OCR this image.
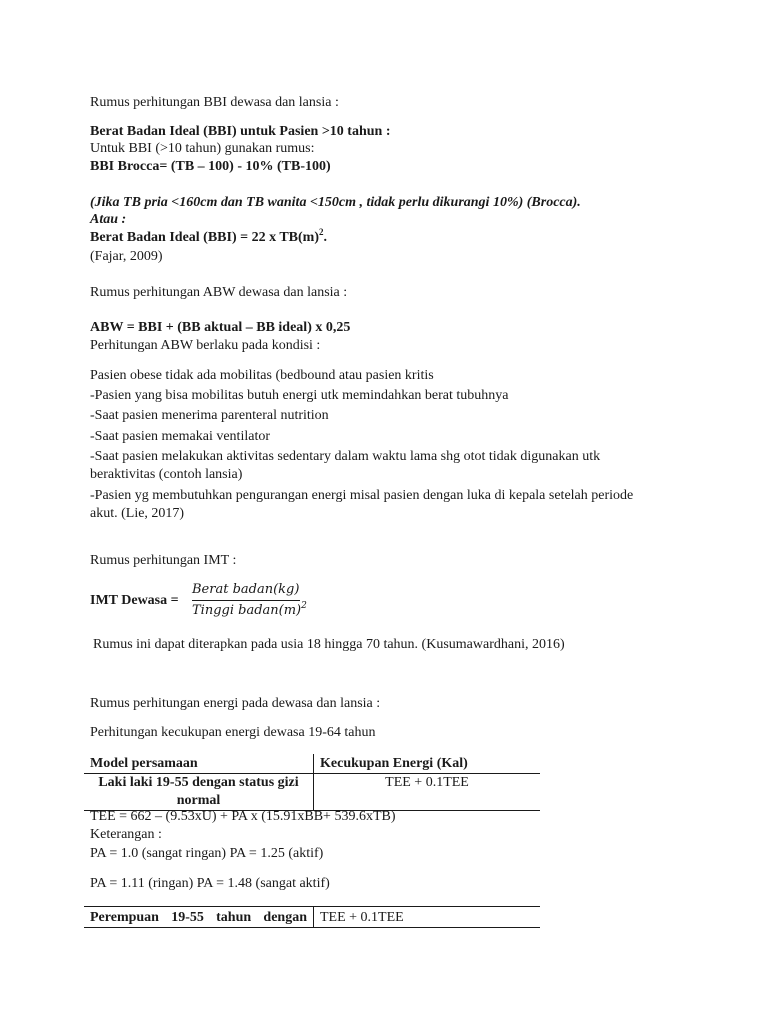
Rumus perhitungan BBI dewasa dan lansia :
Berat Badan Ideal (BBI) untuk Pasien >10 tahun :
Untuk BBI (>10 tahun) gunakan rumus:
BBI Brocca= (TB – 100) - 10% (TB-100)
(Jika TB pria <160cm dan TB wanita <150cm , tidak perlu dikurangi 10%) (Brocca).
Atau :
Berat Badan Ideal (BBI) = 22 x $TB(m)^2$.
(Fajar, 2009)
Rumus perhitungan ABW dewasa dan lansia :
ABW = BBI + (BB aktual – BB ideal) x 0,25
Perhitungan ABW berlaku pada kondisi :
Pasien obese tidak ada mobilitas (bedbound atau pasien kritis
-Pasien yang bisa mobilitas butuh energi utk memindahkan berat tubuhnya
-Saat pasien menerima parenteral nutrition
-Saat pasien memakai ventilator
-Saat pasien melakukan aktivitas sedentary dalam waktu lama shg otot tidak digunakan utk
beraktivitas (contoh lansia)
-Pasien yg membutuhkan pengurangan energi misal pasien dengan luka di kepala setelah periode
akut. (Lie, 2017)
Rumus perhitungan IMT :
IMT Dewasa =
Berat badan(kg)
Tinggi $badan(m)^2$
Rumus ini dapat diterapkan pada usia 18 hingga 70 tahun. (Kusumawardhani, 2016)
Rumus perhitungan energi pada dewasa dan lansia :
Perhitungan kecukupan energi dewasa 19-64 tahun
Model persamaan	Kecukupan Energi (Kal)
Laki laki 19-55 dengan status gizi normal	TEE + 0.1TEE
TEE = 662 – (9.53xU) + PA x (15.91xBB+ 539.6xTB)
Keterangan :
PA = 1.0 (sangat ringan) PA = 1.25 (aktif)
PA = 1.11 (ringan) PA = 1.48 (sangat aktif)
Perempuan 19-55 tahun dengan	TEE + 0.1TEE
